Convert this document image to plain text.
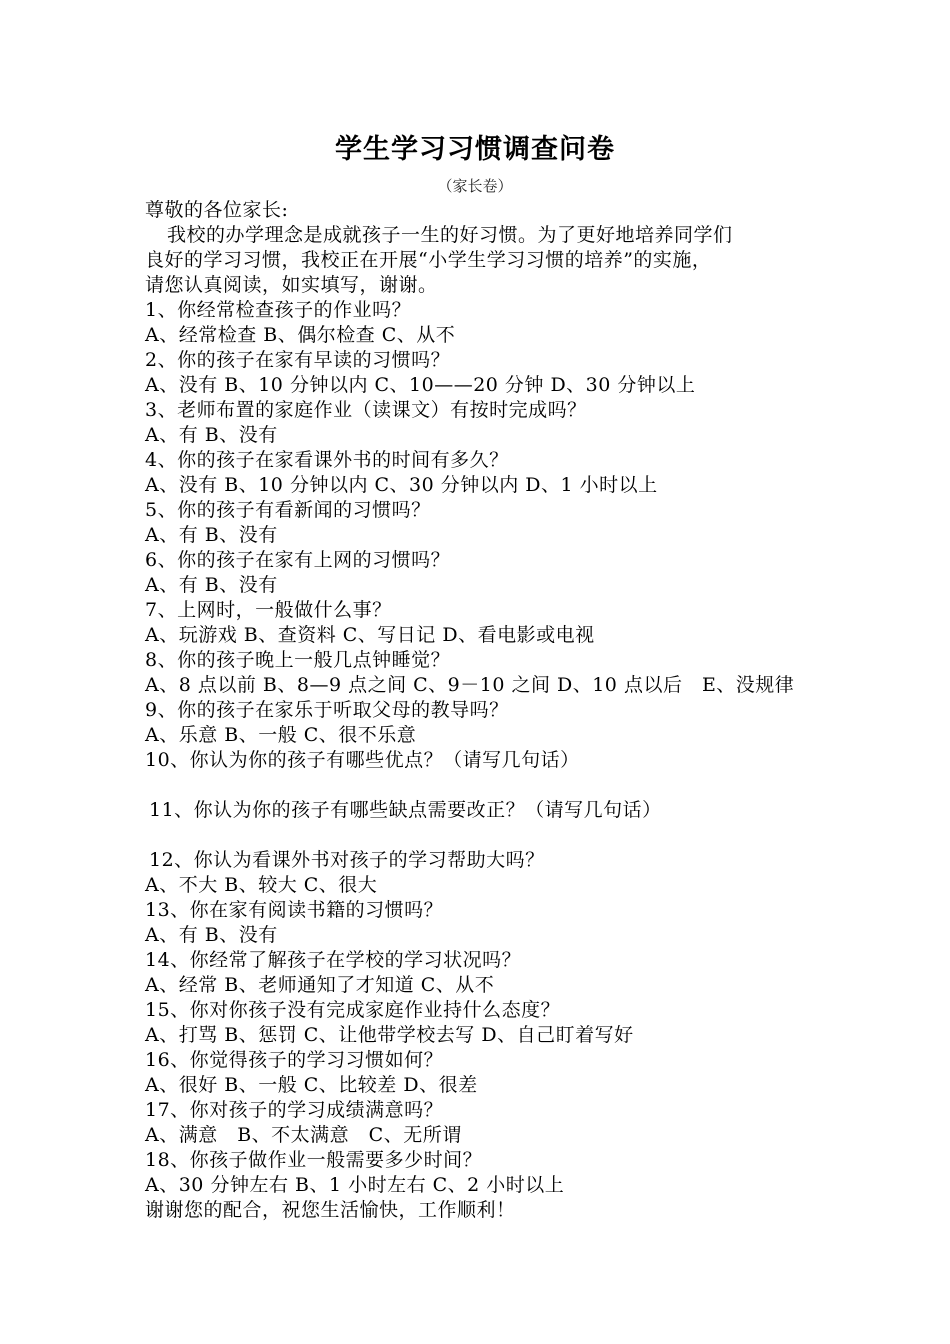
学生学习习惯调查问卷
（家长卷）
尊敬的各位家长:
我校的办学理念是成就孩子一生的好习惯。为了更好地培养同学们
良好的学习习惯，我校正在开展“小学生学习习惯的培养”的实施，
请您认真阅读，如实填写，谢谢。
1、你经常检查孩子的作业吗？
A、经常检查 B、偶尔检查 C、从不
2、你的孩子在家有早读的习惯吗？
A、没有 B、10 分钟以内 C、10——20 分钟 D、30 分钟以上
3、老师布置的家庭作业（读课文）有按时完成吗？
A、有 B、没有
4、你的孩子在家看课外书的时间有多久？
A、没有 B、10 分钟以内 C、30 分钟以内 D、1 小时以上
5、你的孩子有看新闻的习惯吗？
A、有 B、没有
6、你的孩子在家有上网的习惯吗？
A、有 B、没有
7、上网时，一般做什么事？
A、玩游戏 B、查资料 C、写日记 D、看电影或电视
8、你的孩子晚上一般几点钟睡觉？
A、8 点以前 B、8—9 点之间 C、9－10 之间 D、10 点以后　E、没规律
9、你的孩子在家乐于听取父母的教导吗？
A、乐意 B、一般 C、很不乐意
10、你认为你的孩子有哪些优点？（请写几句话）
11、你认为你的孩子有哪些缺点需要改正？（请写几句话）
12、你认为看课外书对孩子的学习帮助大吗？
A、不大 B、较大 C、很大
13、你在家有阅读书籍的习惯吗？
A、有 B、没有
14、你经常了解孩子在学校的学习状况吗？
A、经常 B、老师通知了才知道 C、从不
15、你对你孩子没有完成家庭作业持什么态度？
A、打骂 B、惩罚 C、让他带学校去写 D、自己盯着写好
16、你觉得孩子的学习习惯如何？
A、很好 B、一般 C、比较差 D、很差
17、你对孩子的学习成绩满意吗？
A、满意　B、不太满意　C、无所谓
18、你孩子做作业一般需要多少时间？
A、30 分钟左右 B、1 小时左右 C、2 小时以上
谢谢您的配合，祝您生活愉快，工作顺利！
